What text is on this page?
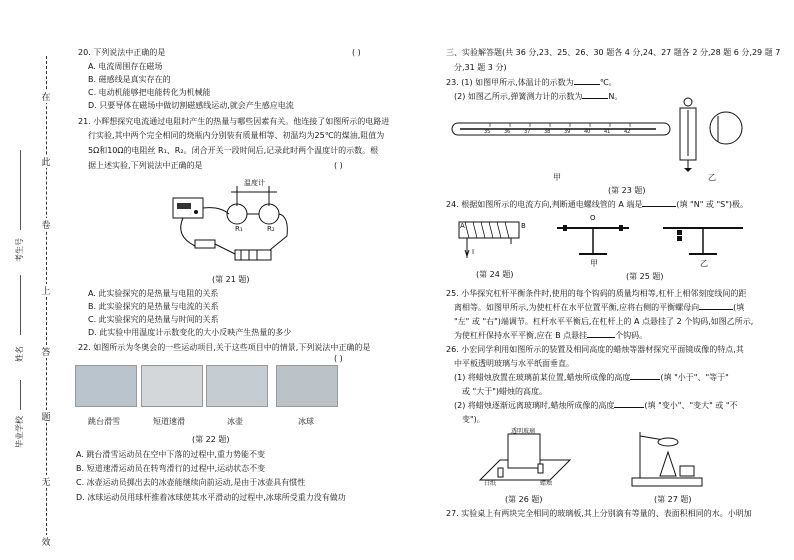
在
此
卷
上
答
题
无
效
考生号
姓名
毕业学校
20. 下列说法中正确的是	( )
A. 电流周围存在磁场
B. 磁感线是真实存在的
C. 电动机能够把电能转化为机械能
D. 只要导体在磁场中做切割磁感线运动,就会产生感应电流
21. 小辉想探究电流通过电阻时产生的热量与哪些因素有关。他连接了如图所示的电路进
行实验,其中两个完全相同的烧瓶内分别装有质量相等、初温均为25℃的煤油,阻值为
5Ω和10Ω的电阻丝 R₁、R₂。闭合开关一段时间后,记录此时两个温度计的示数。根
据上述实验,下列说法中正确的是	( )
温度计
R₁	R₂
(第 21 题)
A. 此实验探究的是热量与电阻的关系
B. 此实验探究的是热量与电流的关系
C. 此实验探究的是热量与时间的关系
D. 此实验中用温度计示数变化的大小反映产生热量的多少
22. 如图所示为冬奥会的一些运动项目,关于这些项目中的情景,下列说法中正确的是
( )
跳台滑雪	短道速滑	冰壶	冰球
(第 22 题)
A. 跳台滑雪运动员在空中下落的过程中,重力势能不变
B. 短道速滑运动员在转弯滑行的过程中,运动状态不变
C. 冰壶运动员掷出去的冰壶能继续向前运动,是由于冰壶具有惯性
D. 冰球运动员用球杆推着冰球使其水平滑动的过程中,冰球所受重力没有做功
三、实验解答题(共 36 分,23、25、26、30 题各 4 分,24、27 题各 2 分,28 题 6 分,29 题 7
分,31 题 3 分)
23. (1) 如图甲所示,体温计的示数为	℃。
(2) 如图乙所示,弹簧测力计的示数为	N。
35	36	37	38	39	40	41	42
甲	乙
(第 23 题)
24. 根据如图所示的电流方向,判断通电螺线管的 A 端是	(填 "N" 或 "S")极。
A	B
I
(第 24 题)
O
甲	乙
(第 25 题)
25. 小华探究杠杆平衡条件时,使用的每个钩码的质量均相等,杠杆上相邻刻度线间的距
离相等。如图甲所示,为使杠杆在水平位置平衡,应将右侧的平衡螺母向	(填
"左" 或 "右")端调节。杠杆水平平衡后,在杠杆上的 A 点悬挂了 2 个钩码,如图乙所示,
为使杠杆保持水平平衡,应在 B 点悬挂	个钩码。
26. 小宏同学利用如图所示的装置及相同高度的蜡烛等器材探究平面镜成像的特点,其
中平板透明玻璃与水平纸面垂直。
(1) 将蜡烛放置在玻璃前某位置,蜡烛所成像的高度	(填 "小于"、"等于"
或 "大于")蜡烛的高度。
(2) 将蜡烛逐渐远离玻璃时,蜡烛所成像的高度	(填 "变小"、"变大" 或 "不
变")。
透明玻璃
白纸	蜡烛
(第 26 题)	(第 27 题)
27. 实验桌上有两块完全相同的玻璃板,其上分别滴有等量的、表面积相同的水。小明加
